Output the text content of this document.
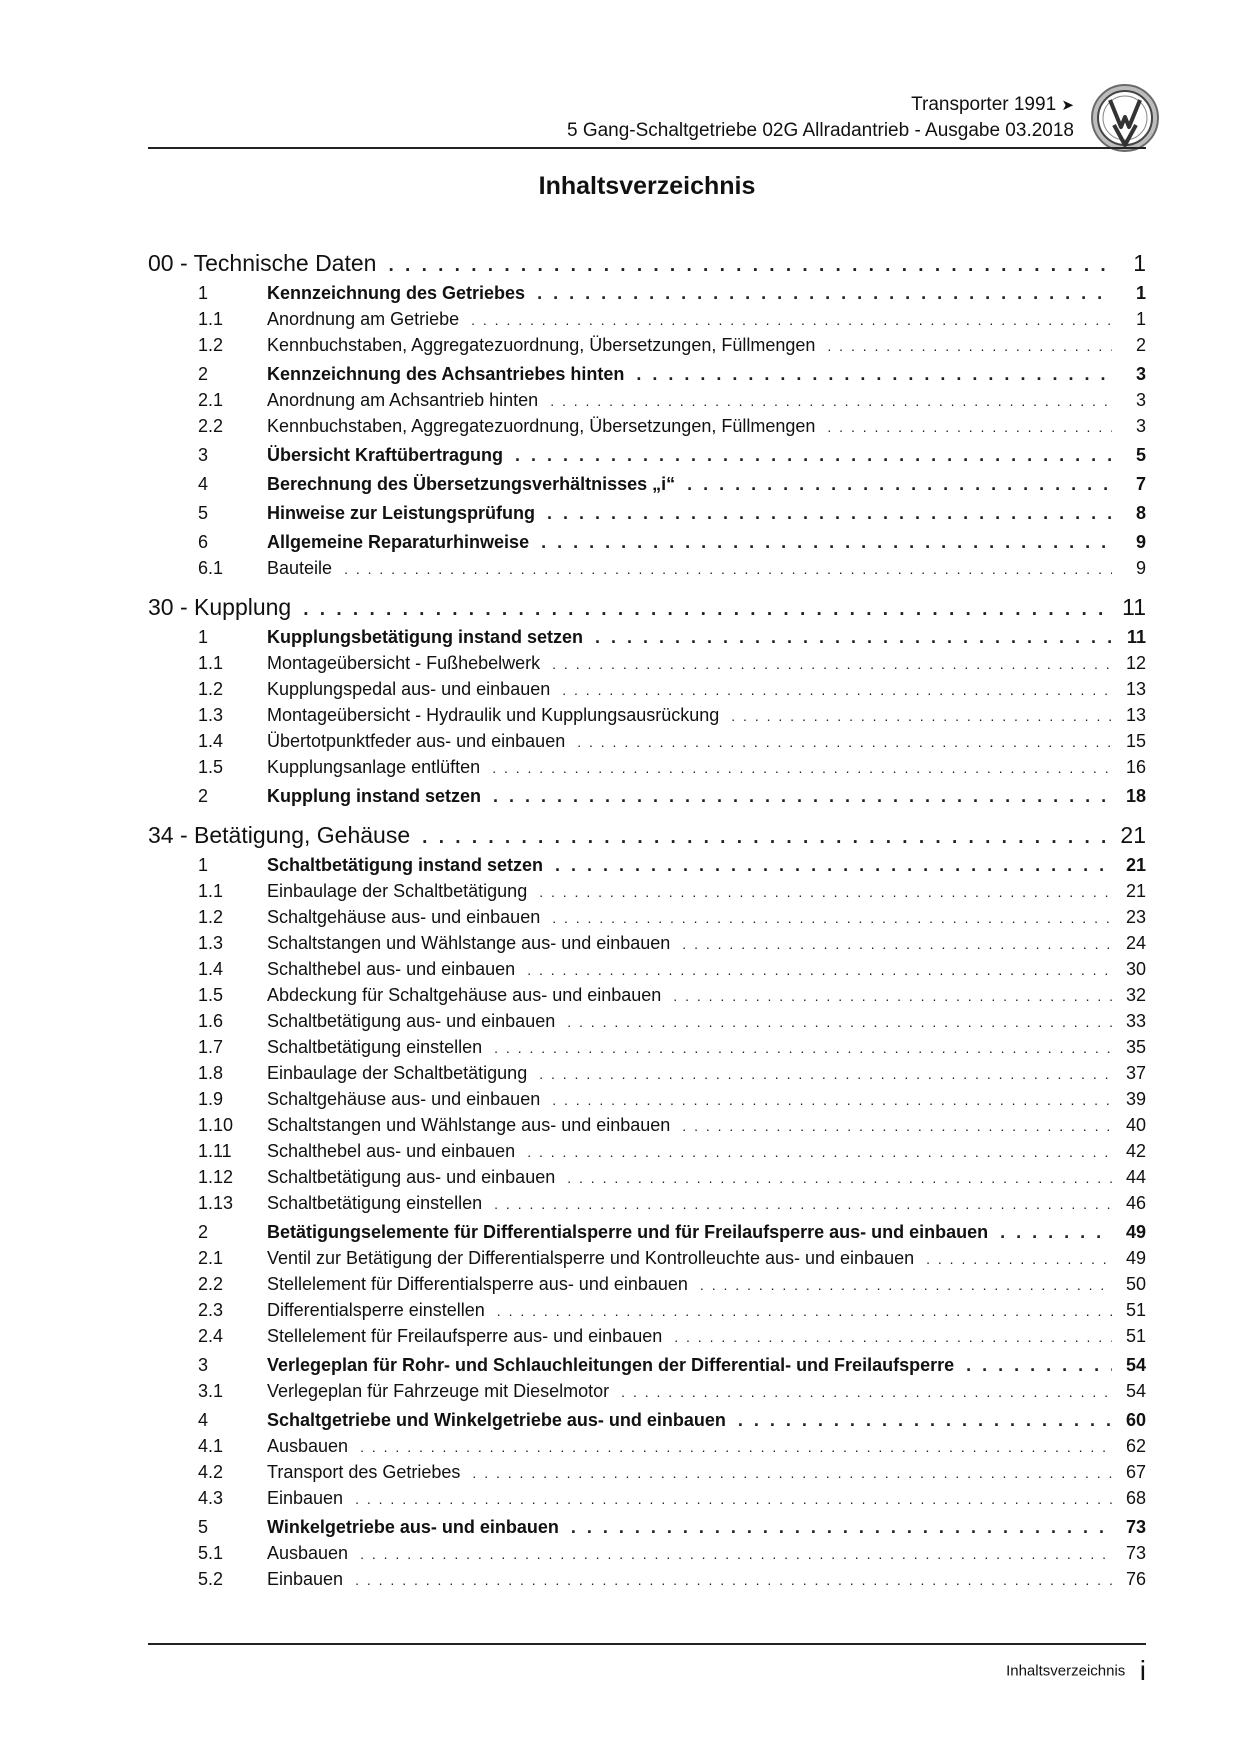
Transporter 1991 ➤
5 Gang-Schaltgetriebe 02G Allradantrieb - Ausgabe 03.2018
Inhaltsverzeichnis
00 - Technische Daten . . .	1
1	Kennzeichnung des Getriebes . . .	1
1.1	Anordnung am Getriebe . . .	1
1.2	Kennbuchstaben, Aggregatezuordnung, Übersetzungen, Füllmengen . . .	2
2	Kennzeichnung des Achsantriebes hinten . . .	3
2.1	Anordnung am Achsantrieb hinten . . .	3
2.2	Kennbuchstaben, Aggregatezuordnung, Übersetzungen, Füllmengen . . .	3
3	Übersicht Kraftübertragung . . .	5
4	Berechnung des Übersetzungsverhältnisses „i“ . . .	7
5	Hinweise zur Leistungsprüfung . . .	8
6	Allgemeine Reparaturhinweise . . .	9
6.1	Bauteile . . .	9
30 - Kupplung . . .	11
1	Kupplungsbetätigung instand setzen . . .	11
1.1	Montageübersicht - Fußhebelwerk . . .	12
1.2	Kupplungspedal aus- und einbauen . . .	13
1.3	Montageübersicht - Hydraulik und Kupplungsausrückung . . .	13
1.4	Übertotpunktfeder aus- und einbauen . . .	15
1.5	Kupplungsanlage entlüften . . .	16
2	Kupplung instand setzen . . .	18
34 - Betätigung, Gehäuse . . .	21
1	Schaltbetätigung instand setzen . . .	21
1.1	Einbaulage der Schaltbetätigung . . .	21
1.2	Schaltgehäuse aus- und einbauen . . .	23
1.3	Schaltstangen und Wählstange aus- und einbauen . . .	24
1.4	Schalthebel aus- und einbauen . . .	30
1.5	Abdeckung für Schaltgehäuse aus- und einbauen . . .	32
1.6	Schaltbetätigung aus- und einbauen . . .	33
1.7	Schaltbetätigung einstellen . . .	35
1.8	Einbaulage der Schaltbetätigung . . .	37
1.9	Schaltgehäuse aus- und einbauen . . .	39
1.10	Schaltstangen und Wählstange aus- und einbauen . . .	40
1.11	Schalthebel aus- und einbauen . . .	42
1.12	Schaltbetätigung aus- und einbauen . . .	44
1.13	Schaltbetätigung einstellen . . .	46
2	Betätigungselemente für Differentialsperre und für Freilaufsperre aus- und einbauen . . .	49
2.1	Ventil zur Betätigung der Differentialsperre und Kontrolleuchte aus- und einbauen . . .	49
2.2	Stellelement für Differentialsperre aus- und einbauen . . .	50
2.3	Differentialsperre einstellen . . .	51
2.4	Stellelement für Freilaufsperre aus- und einbauen . . .	51
3	Verlegeplan für Rohr- und Schlauchleitungen der Differential- und Freilaufsperre . . .	54
3.1	Verlegeplan für Fahrzeuge mit Dieselmotor . . .	54
4	Schaltgetriebe und Winkelgetriebe aus- und einbauen . . .	60
4.1	Ausbauen . . .	62
4.2	Transport des Getriebes . . .	67
4.3	Einbauen . . .	68
5	Winkelgetriebe aus- und einbauen . . .	73
5.1	Ausbauen . . .	73
5.2	Einbauen . . .	76
Inhaltsverzeichnis i
